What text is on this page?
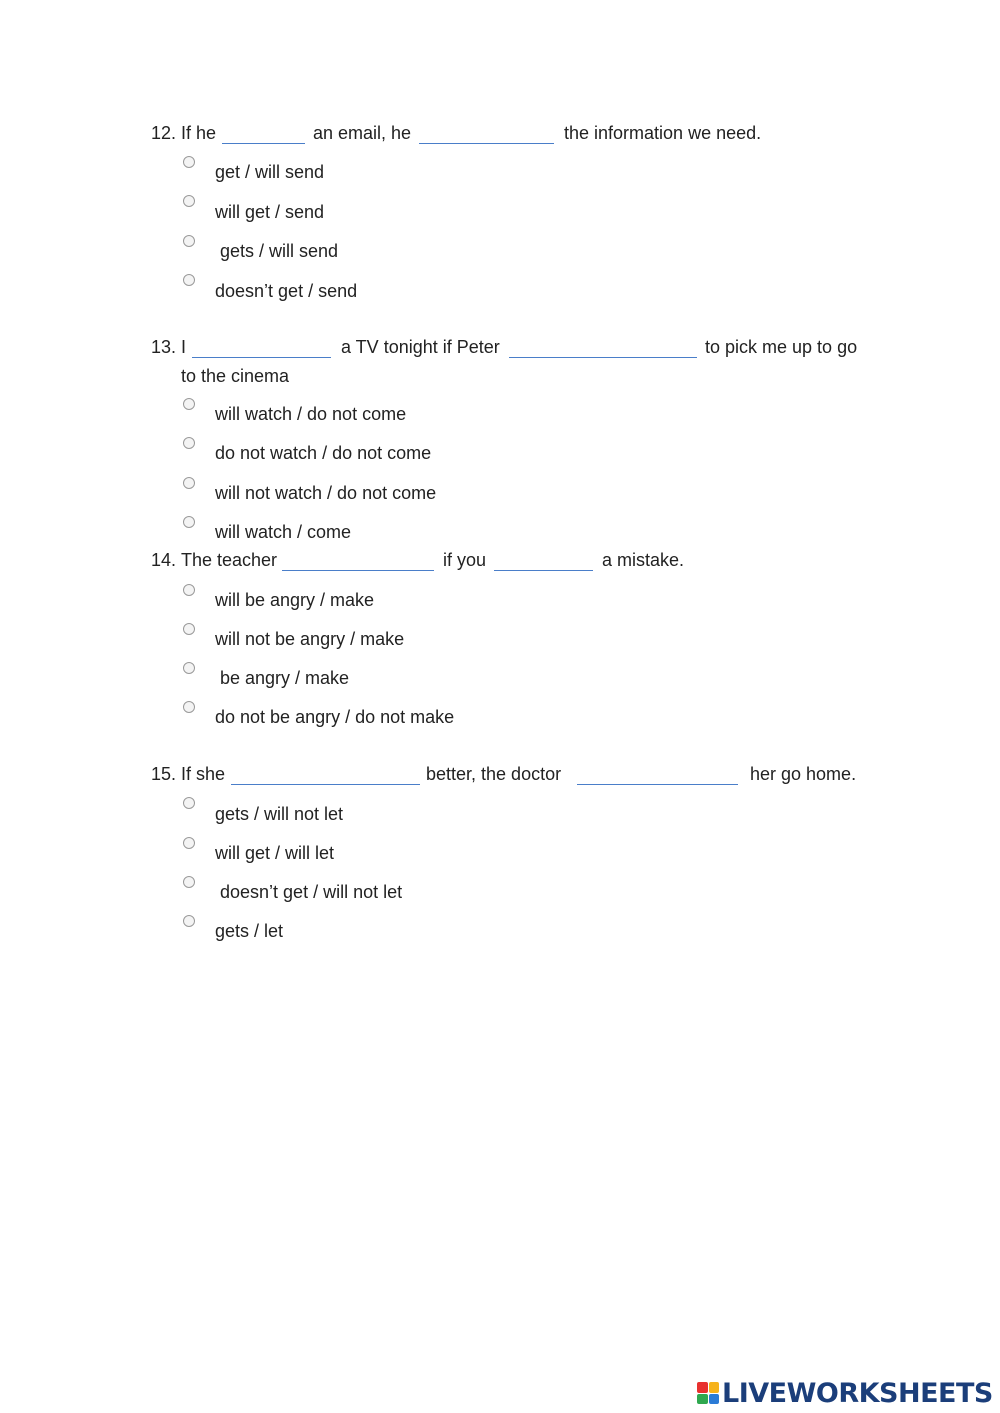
12. If he	an email, he	the information we need.
get / will send
will get / send
gets / will send
doesn’t get / send
13. I	a TV tonight if Peter	to pick me up to go
to the cinema
will watch / do not come
do not watch / do not come
will not watch / do not come
will watch / come
14. The teacher	if you	a mistake.
will be angry / make
will not be angry / make
be angry / make
do not be angry / do not make
15. If she	better, the doctor	her go home.
gets / will not let
will get / will let
doesn’t get / will not let
gets / let
LIVEWORKSHEETS
